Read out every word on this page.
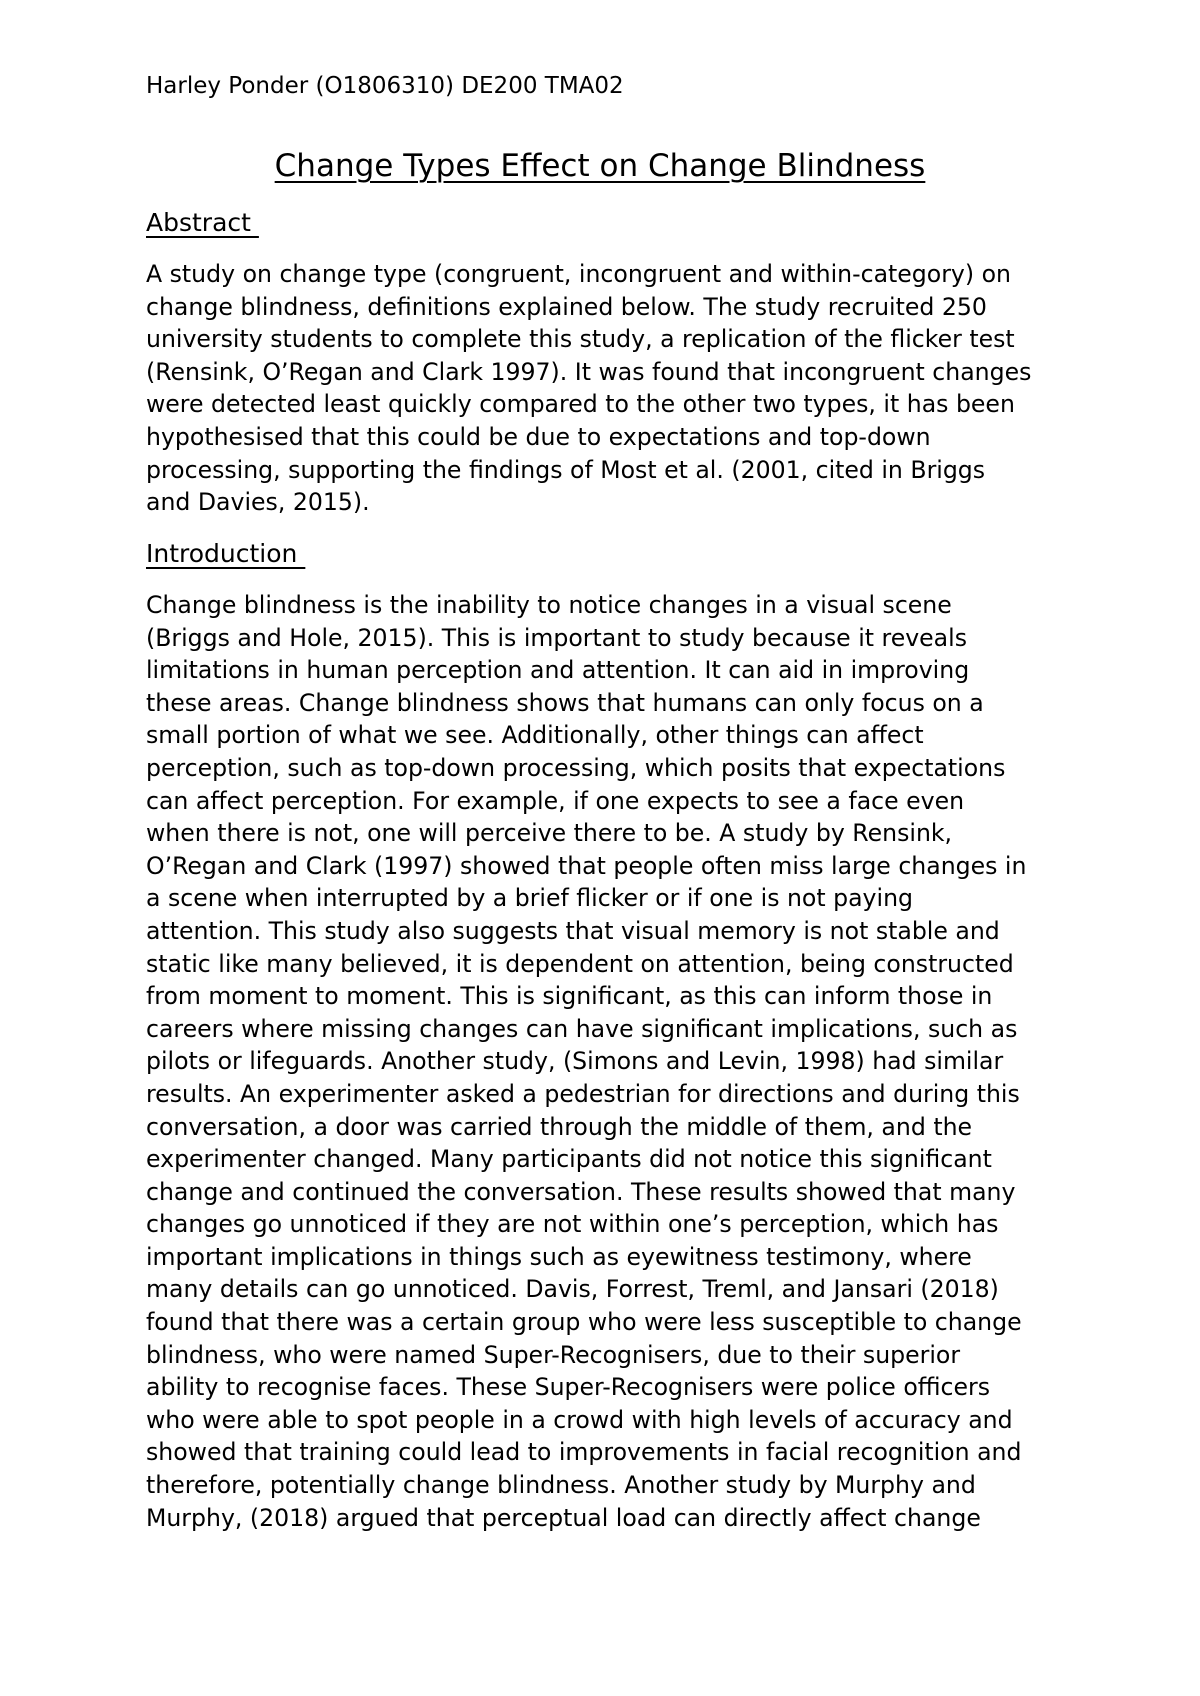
Harley Ponder (O1806310) DE200 TMA02
Change Types Effect on Change Blindness
Abstract
A study on change type (congruent, incongruent and within-category) on
change blindness, definitions explained below. The study recruited 250
university students to complete this study, a replication of the flicker test
(Rensink, O’Regan and Clark 1997). It was found that incongruent changes
were detected least quickly compared to the other two types, it has been
hypothesised that this could be due to expectations and top-down
processing, supporting the findings of Most et al. (2001, cited in Briggs
and Davies, 2015).
Introduction
Change blindness is the inability to notice changes in a visual scene
(Briggs and Hole, 2015). This is important to study because it reveals
limitations in human perception and attention. It can aid in improving
these areas. Change blindness shows that humans can only focus on a
small portion of what we see. Additionally, other things can affect
perception, such as top-down processing, which posits that expectations
can affect perception. For example, if one expects to see a face even
when there is not, one will perceive there to be. A study by Rensink,
O’Regan and Clark (1997) showed that people often miss large changes in
a scene when interrupted by a brief flicker or if one is not paying
attention. This study also suggests that visual memory is not stable and
static like many believed, it is dependent on attention, being constructed
from moment to moment. This is significant, as this can inform those in
careers where missing changes can have significant implications, such as
pilots or lifeguards. Another study, (Simons and Levin, 1998) had similar
results. An experimenter asked a pedestrian for directions and during this
conversation, a door was carried through the middle of them, and the
experimenter changed. Many participants did not notice this significant
change and continued the conversation. These results showed that many
changes go unnoticed if they are not within one’s perception, which has
important implications in things such as eyewitness testimony, where
many details can go unnoticed. Davis, Forrest, Treml, and Jansari (2018)
found that there was a certain group who were less susceptible to change
blindness, who were named Super-Recognisers, due to their superior
ability to recognise faces. These Super-Recognisers were police officers
who were able to spot people in a crowd with high levels of accuracy and
showed that training could lead to improvements in facial recognition and
therefore, potentially change blindness. Another study by Murphy and
Murphy, (2018) argued that perceptual load can directly affect change
